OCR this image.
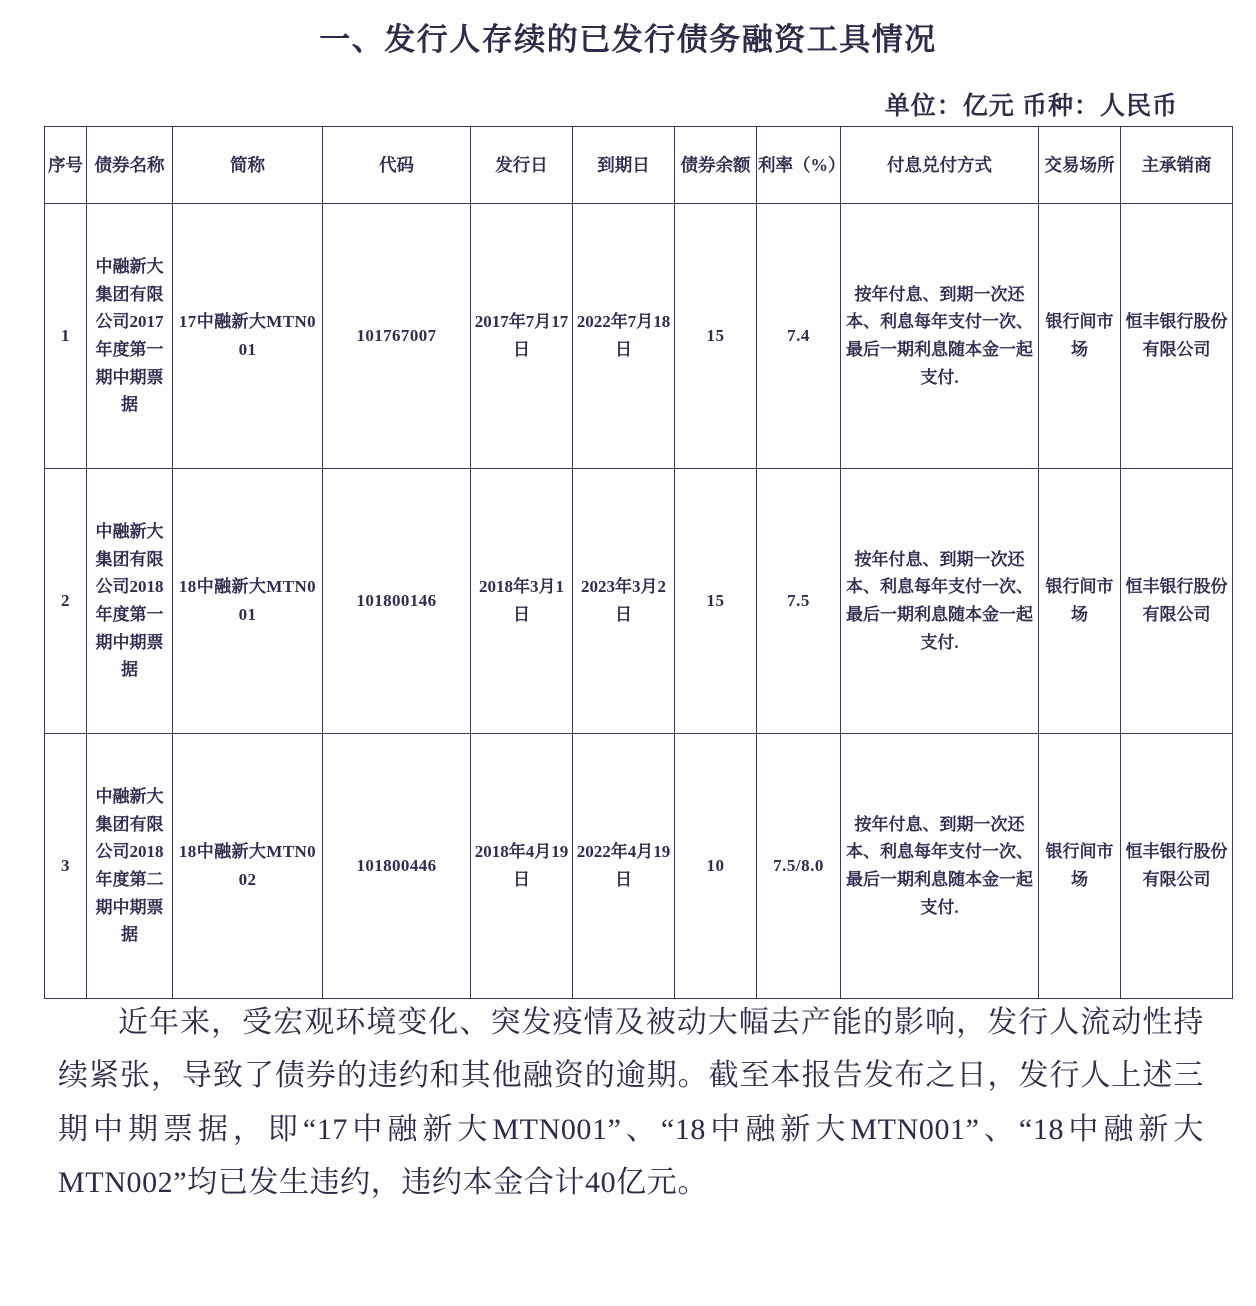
一、发行人存续的已发行债务融资工具情况
单位：亿元 币种：人民币
序号	债券名称	简称	代码	发行日	到期日	债券余额	利率（%）	付息兑付方式	交易场所	主承销商
1	中融新大集团有限公司2017年度第一期中期票据	17中融新大MTN001	101767007	2017年7月17日	2022年7月18日	15	7.4	按年付息、到期一次还本、利息每年支付一次、最后一期利息随本金一起支付.	银行间市场	恒丰银行股份有限公司
2	中融新大集团有限公司2018年度第一期中期票据	18中融新大MTN001	101800146	2018年3月1日	2023年3月2日	15	7.5	按年付息、到期一次还本、利息每年支付一次、最后一期利息随本金一起支付.	银行间市场	恒丰银行股份有限公司
3	中融新大集团有限公司2018年度第二期中期票据	18中融新大MTN002	101800446	2018年4月19日	2022年4月19日	10	7.5/8.0	按年付息、到期一次还本、利息每年支付一次、最后一期利息随本金一起支付.	银行间市场	恒丰银行股份有限公司
近年来，受宏观环境变化、突发疫情及被动大幅去产能的影响，发行人流动性持续紧张，导致了债券的违约和其他融资的逾期。截至本报告发布之日，发行人上述三期中期票据，即“17中融新大MTN001”、“18中融新大MTN001”、“18中融新大MTN002”均已发生违约，违约本金合计40亿元。
